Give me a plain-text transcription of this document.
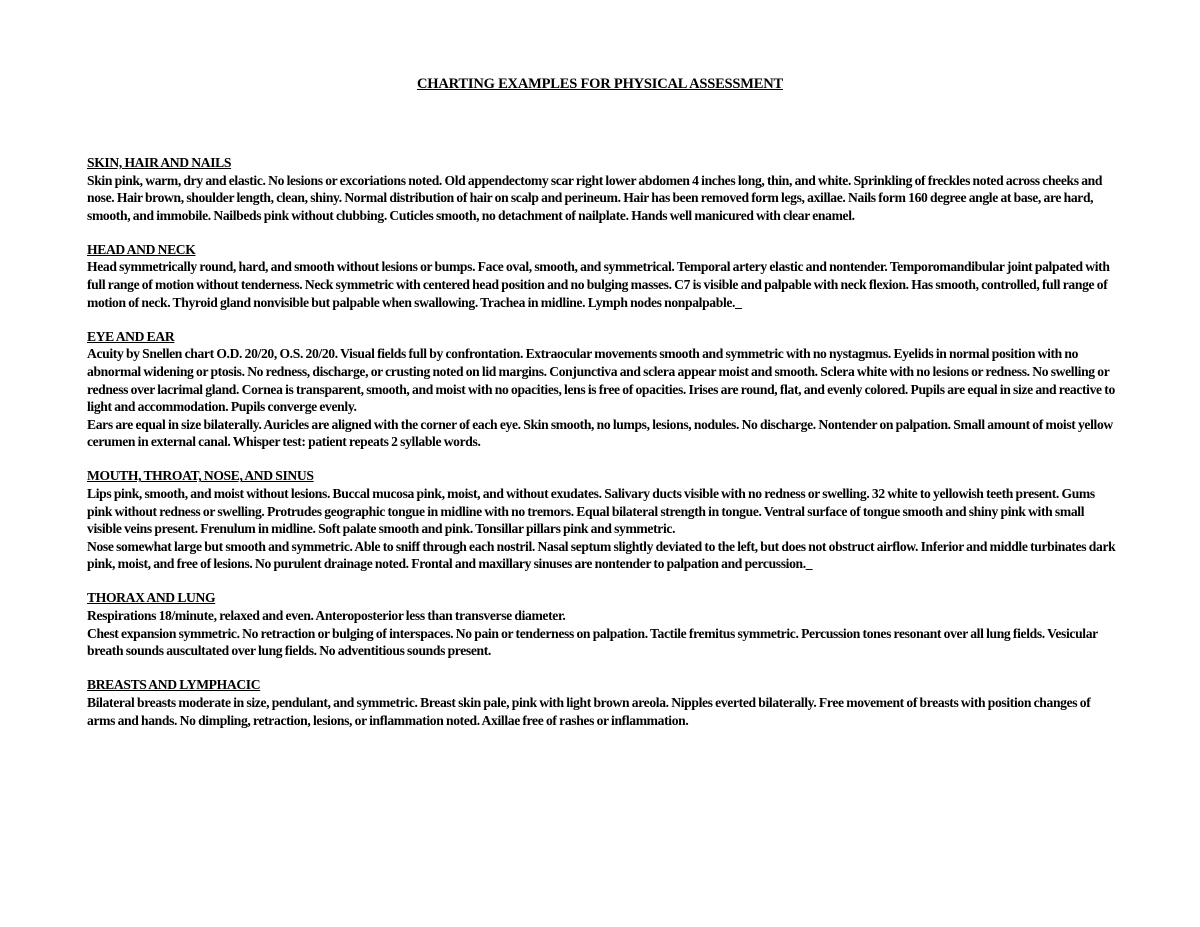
CHARTING EXAMPLES FOR PHYSICAL ASSESSMENT
SKIN, HAIR AND NAILS
Skin pink, warm, dry and elastic. No lesions or excoriations noted. Old appendectomy scar right lower abdomen 4 inches long, thin, and white. Sprinkling of freckles noted across cheeks and nose. Hair brown, shoulder length, clean, shiny. Normal distribution of hair on scalp and perineum. Hair has been removed form legs, axillae. Nails form 160 degree angle at base, are hard, smooth, and immobile. Nailbeds pink without clubbing. Cuticles smooth, no detachment of nailplate. Hands well manicured with clear enamel.
HEAD AND NECK
Head symmetrically round, hard, and smooth without lesions or bumps. Face oval, smooth, and symmetrical. Temporal artery elastic and nontender. Temporomandibular joint palpated with full range of motion without tenderness. Neck symmetric with centered head position and no bulging masses. C7 is visible and palpable with neck flexion. Has smooth, controlled, full range of motion of neck. Thyroid gland nonvisible but palpable when swallowing. Trachea in midline. Lymph nodes nonpalpable._
EYE AND EAR
Acuity by Snellen chart O.D. 20/20, O.S. 20/20. Visual fields full by confrontation. Extraocular movements smooth and symmetric with no nystagmus. Eyelids in normal position with no abnormal widening or ptosis. No redness, discharge, or crusting noted on lid margins. Conjunctiva and sclera appear moist and smooth. Sclera white with no lesions or redness. No swelling or redness over lacrimal gland. Cornea is transparent, smooth, and moist with no opacities, lens is free of opacities. Irises are round, flat, and evenly colored. Pupils are equal in size and reactive to light and accommodation. Pupils converge evenly.
Ears are equal in size bilaterally. Auricles are aligned with the corner of each eye. Skin smooth, no lumps, lesions, nodules. No discharge. Nontender on palpation. Small amount of moist yellow cerumen in external canal. Whisper test: patient repeats 2 syllable words.
MOUTH, THROAT, NOSE, AND SINUS
Lips pink, smooth, and moist without lesions. Buccal mucosa pink, moist, and without exudates. Salivary ducts visible with no redness or swelling. 32 white to yellowish teeth present. Gums pink without redness or swelling. Protrudes geographic tongue in midline with no tremors. Equal bilateral strength in tongue. Ventral surface of tongue smooth and shiny pink with small visible veins present. Frenulum in midline. Soft palate smooth and pink. Tonsillar pillars pink and symmetric.
Nose somewhat large but smooth and symmetric. Able to sniff through each nostril. Nasal septum slightly deviated to the left, but does not obstruct airflow. Inferior and middle turbinates dark pink, moist, and free of lesions. No purulent drainage noted. Frontal and maxillary sinuses are nontender to palpation and percussion._
THORAX AND LUNG
Respirations 18/minute, relaxed and even. Anteroposterior less than transverse diameter.
Chest expansion symmetric. No retraction or bulging of interspaces. No pain or tenderness on palpation. Tactile fremitus symmetric. Percussion tones resonant over all lung fields. Vesicular breath sounds auscultated over lung fields. No adventitious sounds present.
BREASTS AND LYMPHACIC
Bilateral breasts moderate in size, pendulant, and symmetric. Breast skin pale, pink with light brown areola. Nipples everted bilaterally. Free movement of breasts with position changes of arms and hands. No dimpling, retraction, lesions, or inflammation noted. Axillae free of rashes or inflammation.
